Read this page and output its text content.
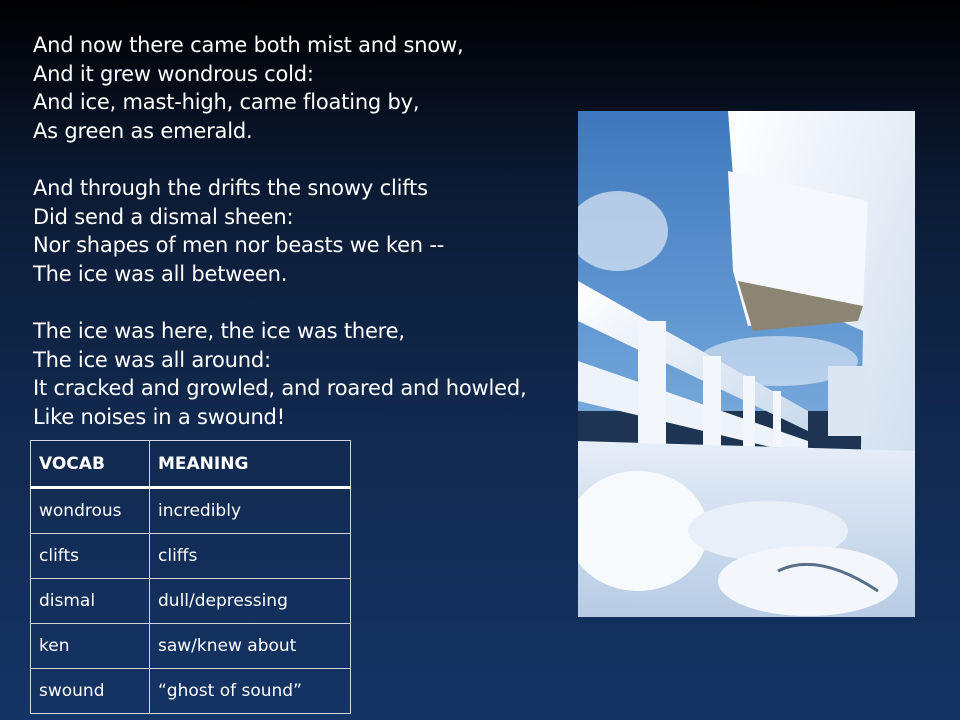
And now there came both mist and snow,
And it grew wondrous cold:
And ice, mast-high, came floating by,
As green as emerald.
And through the drifts the snowy clifts
Did send a dismal sheen:
Nor shapes of men nor beasts we ken --
The ice was all between.
The ice was here, the ice was there,
The ice was all around:
It cracked and growled, and roared and howled,
Like noises in a swound!
VOCAB	MEANING
wondrous	incredibly
clifts	cliffs
dismal	dull/depressing
ken	saw/knew about
swound	“ghost of sound”
